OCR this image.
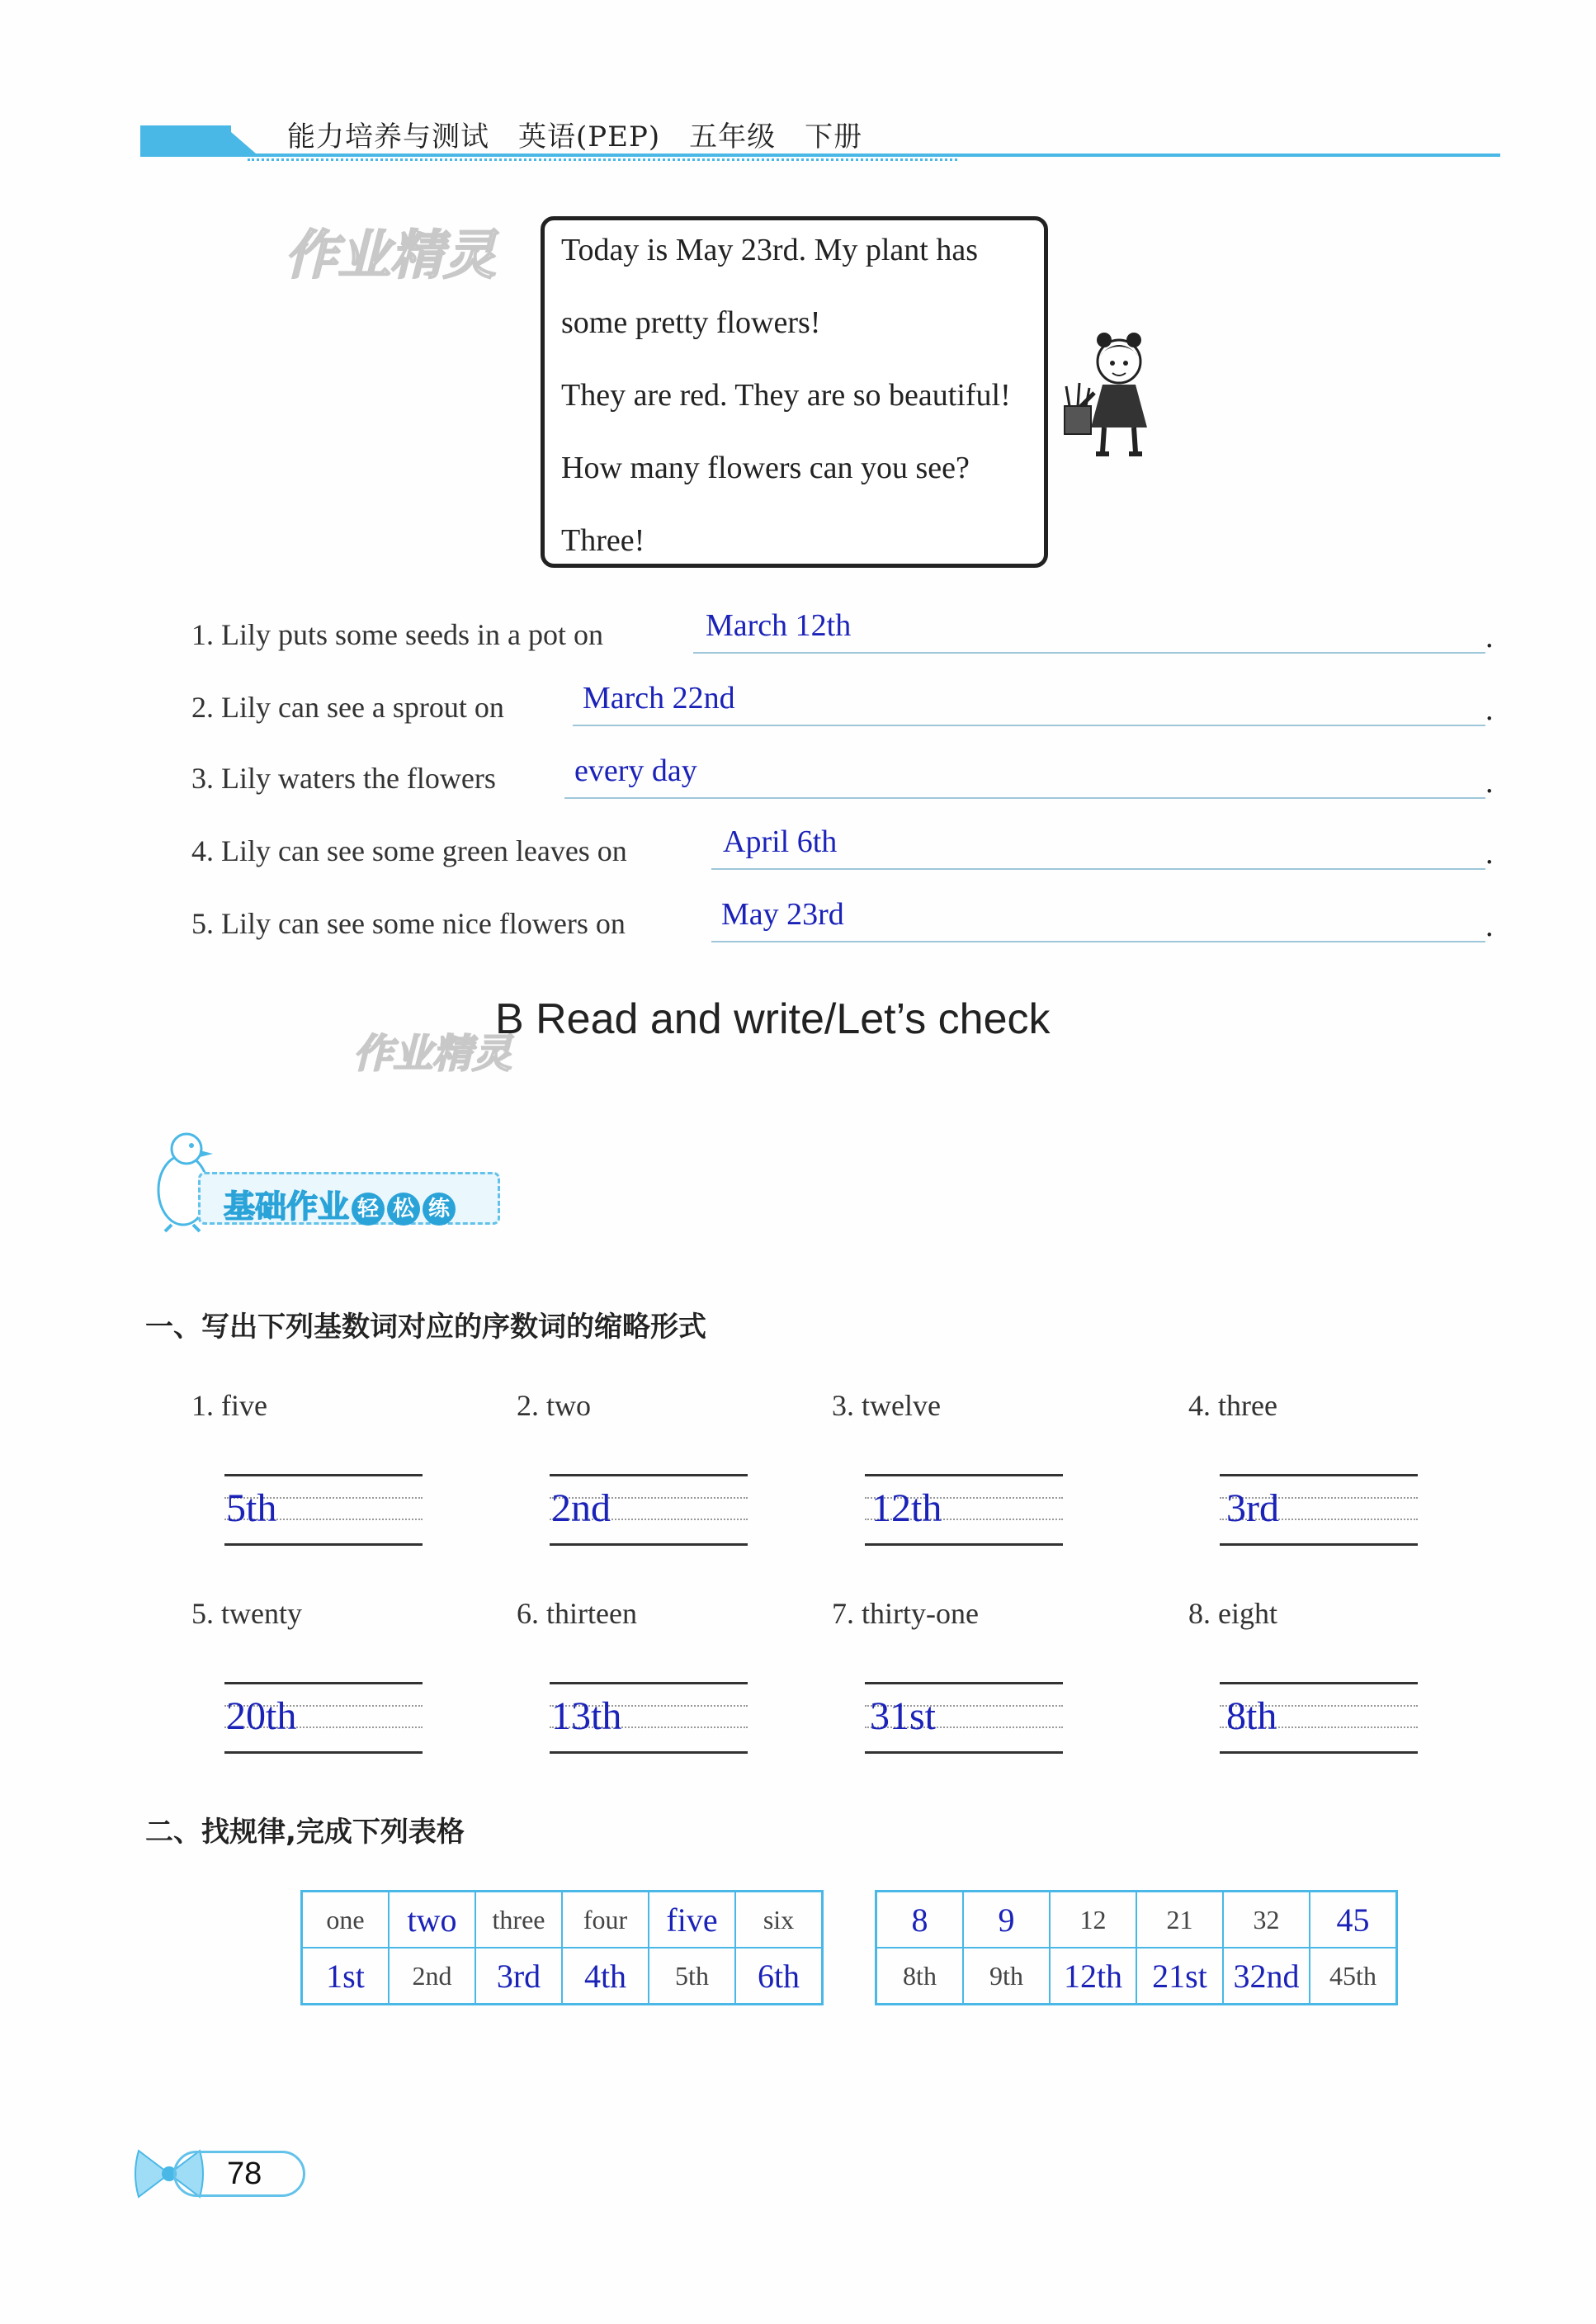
能力培养与测试　英语(PEP)　五年级　下册
作业精灵
作业精灵
Today is May 23rd. My plant has
some pretty flowers!
They are red. They are so beautiful!
How many flowers can you see?
Three!
1. Lily puts some seeds in a pot on	March 12th	.
2. Lily can see a sprout on	March 22nd	.
3. Lily waters the flowers	every day	.
4. Lily can see some green leaves on	April 6th	.
5. Lily can see some nice flowers on	May 23rd	.
B Read and write/Let’s check
基础作业 轻 松 练
一、写出下列基数词对应的序数词的缩略形式
1. five	2. two	3. twelve	4. three
5th	2nd	12th	3rd
5. twenty	6. thirteen	7. thirty-one	8. eight
20th	13th	31st	8th
二、找规律,完成下列表格
one	two	three	four	five	six
1st	2nd	3rd	4th	5th	6th
8	9	12	21	32	45
8th	9th	12th	21st	32nd	45th
78
